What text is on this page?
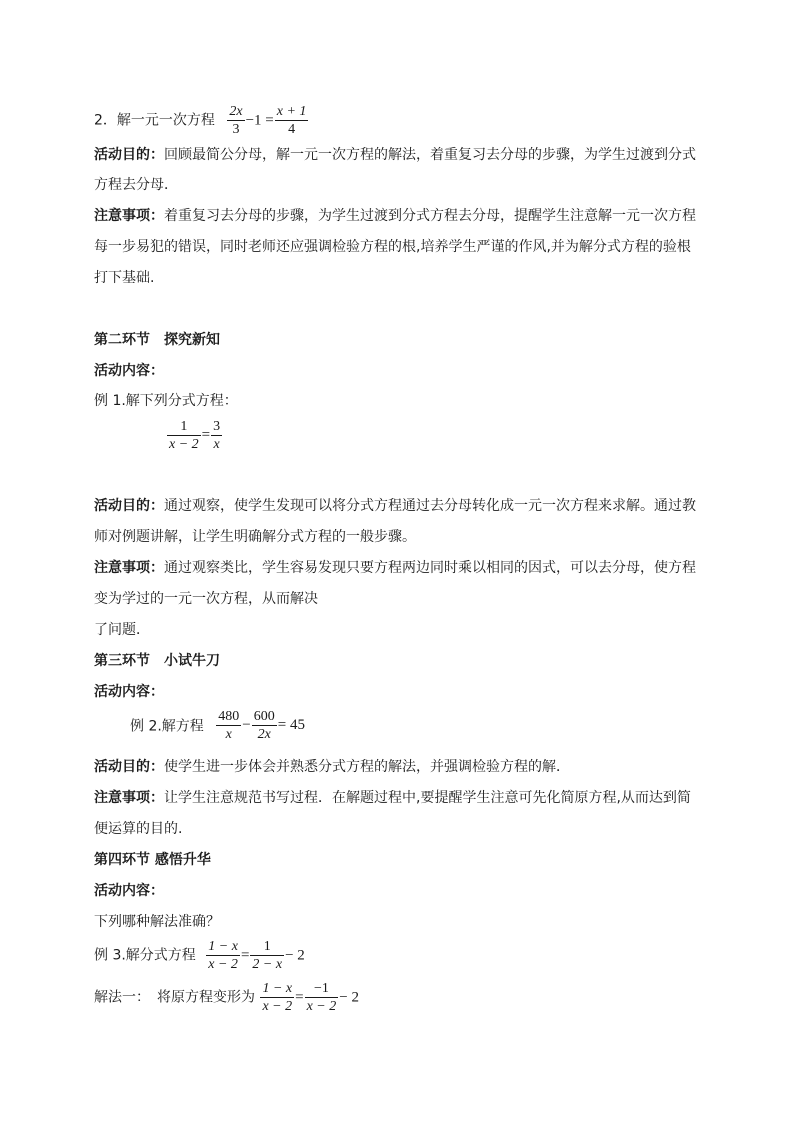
2．解一元一次方程 $\frac{2x}{3} -1 = \frac{x + 1}{4}$
活动目的：回顾最简公分母，解一元一次方程的解法，着重复习去分母的步骤，为学生过渡到分式
方程去分母．
注意事项：着重复习去分母的步骤，为学生过渡到分式方程去分母，提醒学生注意解一元一次方程
每一步易犯的错误，同时老师还应强调检验方程的根,培养学生严谨的作风,并为解分式方程的验根
打下基础.
第二环节　探究新知
活动内容：
例 1.解下列分式方程：
$\frac{1}{x - 2} = \frac{3}{x}$
活动目的：通过观察，使学生发现可以将分式方程通过去分母转化成一元一次方程来求解。通过教
师对例题讲解，让学生明确解分式方程的一般步骤。
注意事项：通过观察类比，学生容易发现只要方程两边同时乘以相同的因式，可以去分母，使方程
变为学过的一元一次方程，从而解决
了问题．
第三环节　小试牛刀
活动内容：
例 2.解方程 $\frac{480}{x} - \frac{600}{2x} = 45$
活动目的：使学生进一步体会并熟悉分式方程的解法，并强调检验方程的解．
注意事项：让学生注意规范书写过程．在解题过程中,要提醒学生注意可先化简原方程,从而达到简
便运算的目的.
第四环节 感悟升华
活动内容：
下列哪种解法准确？
例 3.解分式方程 $\frac{1 - x}{x - 2} = \frac{1}{2 - x} - 2$
解法一：　将原方程变形为 $\frac{1 - x}{x - 2} = \frac{-1}{x - 2} - 2$
